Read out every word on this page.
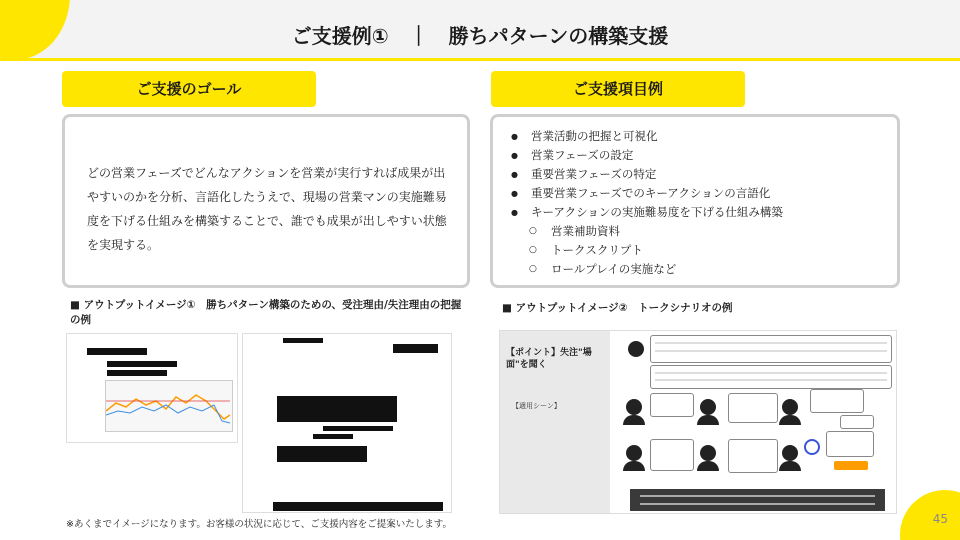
ご支援例①　｜　勝ちパターンの構築支援
ご支援のゴール
どの営業フェーズでどんなアクションを営業が実行すれば成果が出やすいのかを分析、言語化したうえで、現場の営業マンの実施難易度を下げる仕組みを構築することで、誰でも成果が出しやすい状態を実現する。
ご支援項目例
● 営業活動の把握と可視化
● 営業フェーズの設定
● 重要営業フェーズの特定
● 重要営業フェーズでのキーアクションの言語化
● キーアクションの実施難易度を下げる仕組み構築
○ 営業補助資料
○ トークスクリプト
○ ロールプレイの実施など
■ アウトプットイメージ①　勝ちパターン構築のための、受注理由/失注理由の把握の例
■ アウトプットイメージ②　トークシナリオの例
【ポイント】失注"場面"を聞く
【適用シーン】
※あくまでイメージになります。お客様の状況に応じて、ご支援内容をご提案いたします。	45
